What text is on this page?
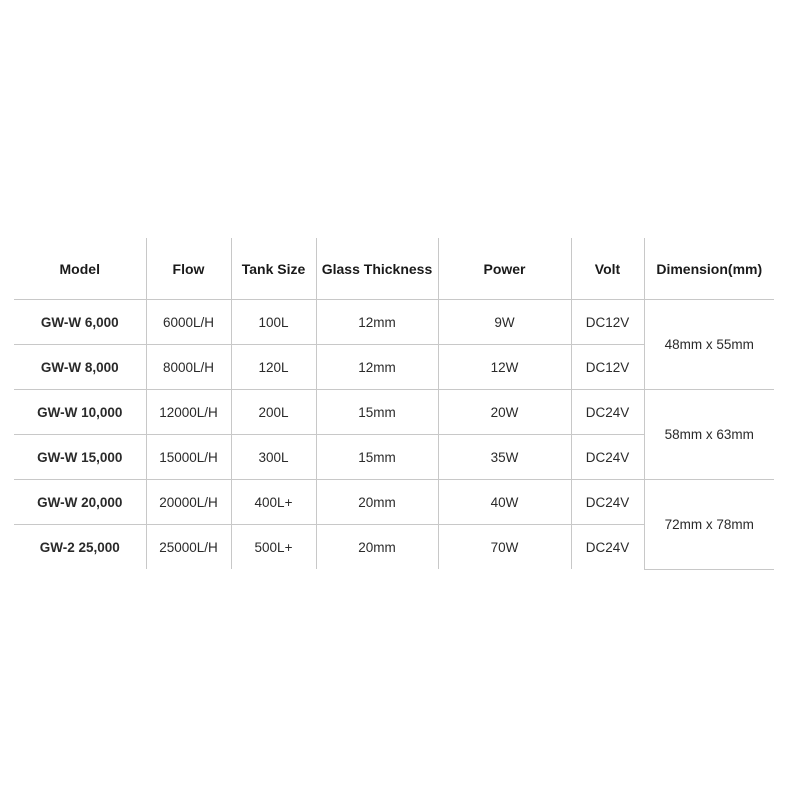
Model	Flow	Tank Size	Glass Thickness	Power	Volt	Dimension(mm)
GW-W 6,000	6000L/H	100L	12mm	9W	DC12V	48mm x 55mm
GW-W 8,000	8000L/H	120L	12mm	12W	DC12V	
GW-W 10,000	12000L/H	200L	15mm	20W	DC24V	58mm x 63mm
GW-W 15,000	15000L/H	300L	15mm	35W	DC24V	
GW-W 20,000	20000L/H	400L+	20mm	40W	DC24V	72mm x 78mm
GW-2 25,000	25000L/H	500L+	20mm	70W	DC24V	
